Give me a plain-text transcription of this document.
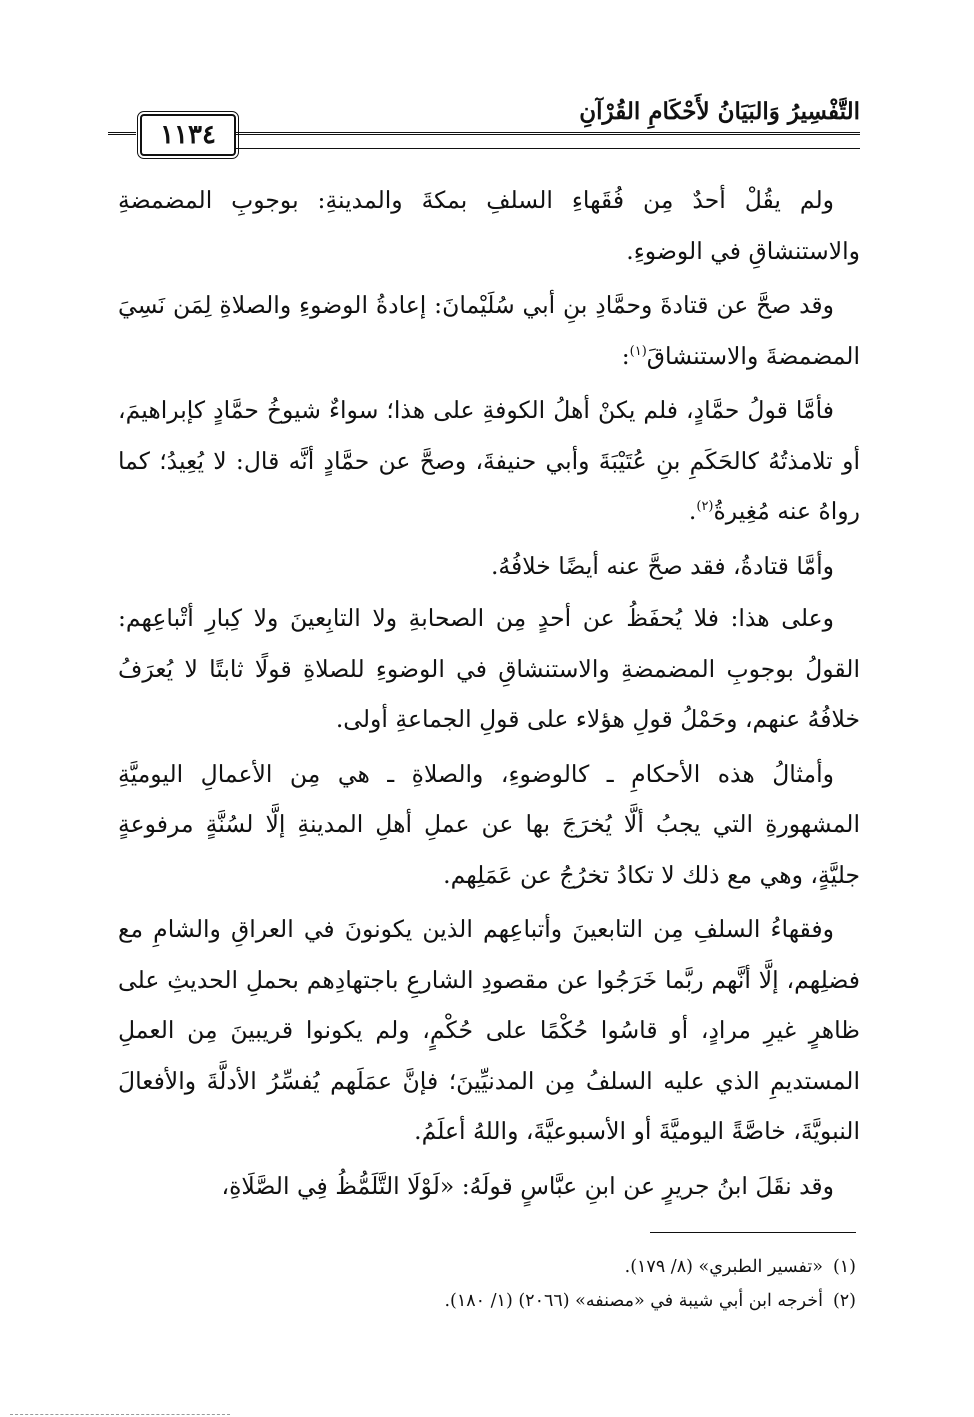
التَّفْسِيرُ وَالبَيَانُ لأَحْكَامِ القُرْآنِ
١١٣٤

ولم يقُلْ أحدٌ مِن فُقَهاءِ السلفِ بمكةَ والمدينةِ: بوجوبِ المضمضةِ والاستنشاقِ في الوضوءِ.

وقد صحَّ عن قتادةَ وحمَّادِ بنِ أبي سُلَيْمانَ: إعادةُ الوضوءِ والصلاةِ لِمَن نَسِيَ المضمضةَ والاستنشاقَ$^{(١)}$:

فأمَّا قولُ حمَّادٍ، فلم يكنْ أهلُ الكوفةِ على هذا؛ سواءٌ شيوخُ حمَّادٍ كإبراهيمَ، أو تلامذتُهُ كالحَكَمِ بنِ عُتَيْبَةَ وأبي حنيفةَ، وصحَّ عن حمَّادٍ أنَّه قال: لا يُعِيدُ؛ كما رواهُ عنه مُغِيرةُ$^{(٢)}$.

وأمَّا قتادةُ، فقد صحَّ عنه أيضًا خلافُهُ.

وعلى هذا: فلا يُحفَظُ عن أحدٍ مِن الصحابةِ ولا التابِعينَ ولا كِبارِ أتْباعِهم: القولُ بوجوبِ المضمضةِ والاستنشاقِ في الوضوءِ للصلاةِ قولًا ثابتًا لا يُعرَفُ خلافُهُ عنهم، وحَمْلُ قولِ هؤلاء على قولِ الجماعةِ أولى.

وأمثالُ هذه الأحكامِ ـ كالوضوءِ، والصلاةِ ـ هي مِن الأعمالِ اليوميَّةِ المشهورةِ التي يجبُ ألَّا يُخرَجَ بها عن عملِ أهلِ المدينةِ إلَّا لسُنَّةٍ مرفوعةٍ جليَّةٍ، وهي مع ذلك لا تكادُ تخرُجُ عن عَمَلِهم.

وفقهاءُ السلفِ مِن التابعينَ وأتباعِهم الذين يكونونَ في العراقِ والشامِ مع فضلِهم، إلَّا أنَّهم ربَّما خَرَجُوا عن مقصودِ الشارعِ باجتهادِهم بحملِ الحديثِ على ظاهرٍ غيرِ مرادٍ، أو قاسُوا حُكْمًا على حُكْمٍ، ولم يكونوا قريبينَ مِن العملِ المستديمِ الذي عليه السلفُ مِن المدنيِّينَ؛ فإنَّ عمَلَهم يُفسِّرُ الأدلَّةَ والأفعالَ النبويَّةَ، خاصَّةً اليوميَّةَ أو الأسبوعيَّةَ، واللهُ أعلَمُ.

وقد نقَلَ ابنُ جريرٍ عن ابنِ عبَّاسٍ قولَهُ: «لَوْلَا التَّلَمُّظُ فِي الصَّلَاةِ،

(١)«تفسير الطبري» (٨/ ١٧٩).

(٢)أخرجه ابن أبي شيبة في «مصنفه» (٢٠٦٦) (١/ ١٨٠).
